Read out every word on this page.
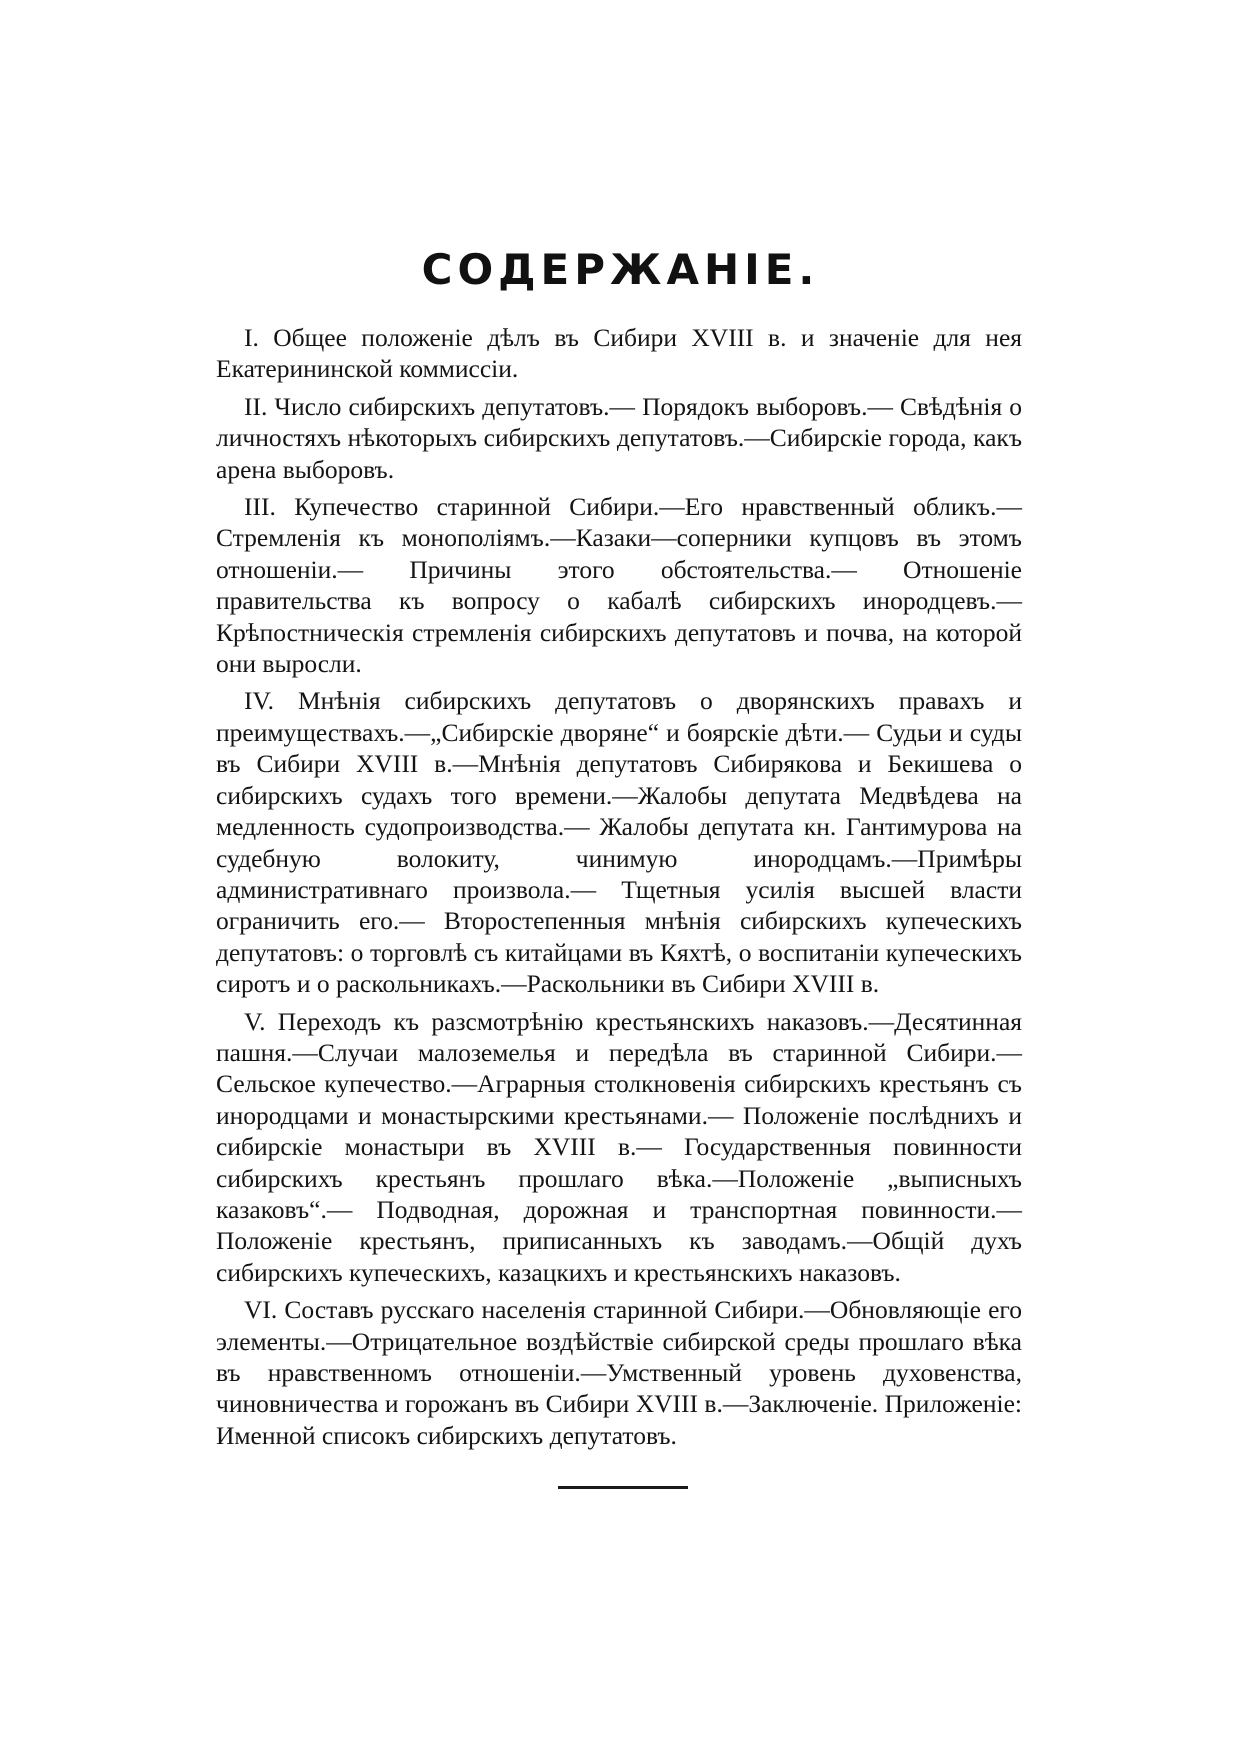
СОДЕРЖАНІЕ.

I. Общее положеніе дѣлъ въ Сибири XVIII в. и значеніе для нея Екатерининской коммиссіи.

II. Число сибирскихъ депутатовъ.— Порядокъ выборовъ.— Свѣдѣнія о личностяхъ нѣкоторыхъ сибирскихъ депутатовъ.—Сибирскіе города, какъ арена выборовъ.

III. Купечество старинной Сибири.—Его нравственный обликъ.—Стремленія къ монополіямъ.—Казаки—соперники купцовъ въ этомъ отношеніи.— Причины этого обстоятельства.— Отношеніе правительства къ вопросу о кабалѣ сибирскихъ инородцевъ.—Крѣпостническія стремленія сибирскихъ депутатовъ и почва, на которой они выросли.

IV. Мнѣнія сибирскихъ депутатовъ о дворянскихъ правахъ и преимуществахъ.—„Сибирскіе дворяне“ и боярскіе дѣти.— Судьи и суды въ Сибири XVIII в.—Мнѣнія депутатовъ Сибирякова и Бекишева о сибирскихъ судахъ того времени.—Жалобы депутата Медвѣдева на медленность судопроизводства.— Жалобы депутата кн. Гантимурова на судебную волокиту, чинимую инородцамъ.—Примѣры административнаго произвола.— Тщетныя усилія высшей власти ограничить его.— Второстепенныя мнѣнія сибирскихъ купеческихъ депутатовъ: о торговлѣ съ китайцами въ Кяхтѣ, о воспитаніи купеческихъ сиротъ и о раскольникахъ.—Раскольники въ Сибири XVIII в.

V. Переходъ къ разсмотрѣнію крестьянскихъ наказовъ.—Десятинная пашня.—Случаи малоземелья и передѣла въ старинной Сибири.—Сельское купечество.—Аграрныя столкновенія сибирскихъ крестьянъ съ инородцами и монастырскими крестьянами.— Положеніе послѣднихъ и сибирскіе монастыри въ XVIII в.— Государственныя повинности сибирскихъ крестьянъ прошлаго вѣка.—Положеніе „выписныхъ казаковъ“.— Подводная, дорожная и транспортная повинности.—Положеніе крестьянъ, приписанныхъ къ заводамъ.—Общій духъ сибирскихъ купеческихъ, казацкихъ и крестьянскихъ наказовъ.

VI. Составъ русскаго населенія старинной Сибири.—Обновляющіе его элементы.—Отрицательное воздѣйствіе сибирской среды прошлаго вѣка въ нравственномъ отношеніи.—Умственный уровень духовенства, чиновничества и горожанъ въ Сибири XVIII в.—Заключеніе. Приложеніе: Именной списокъ сибирскихъ депутатовъ.
